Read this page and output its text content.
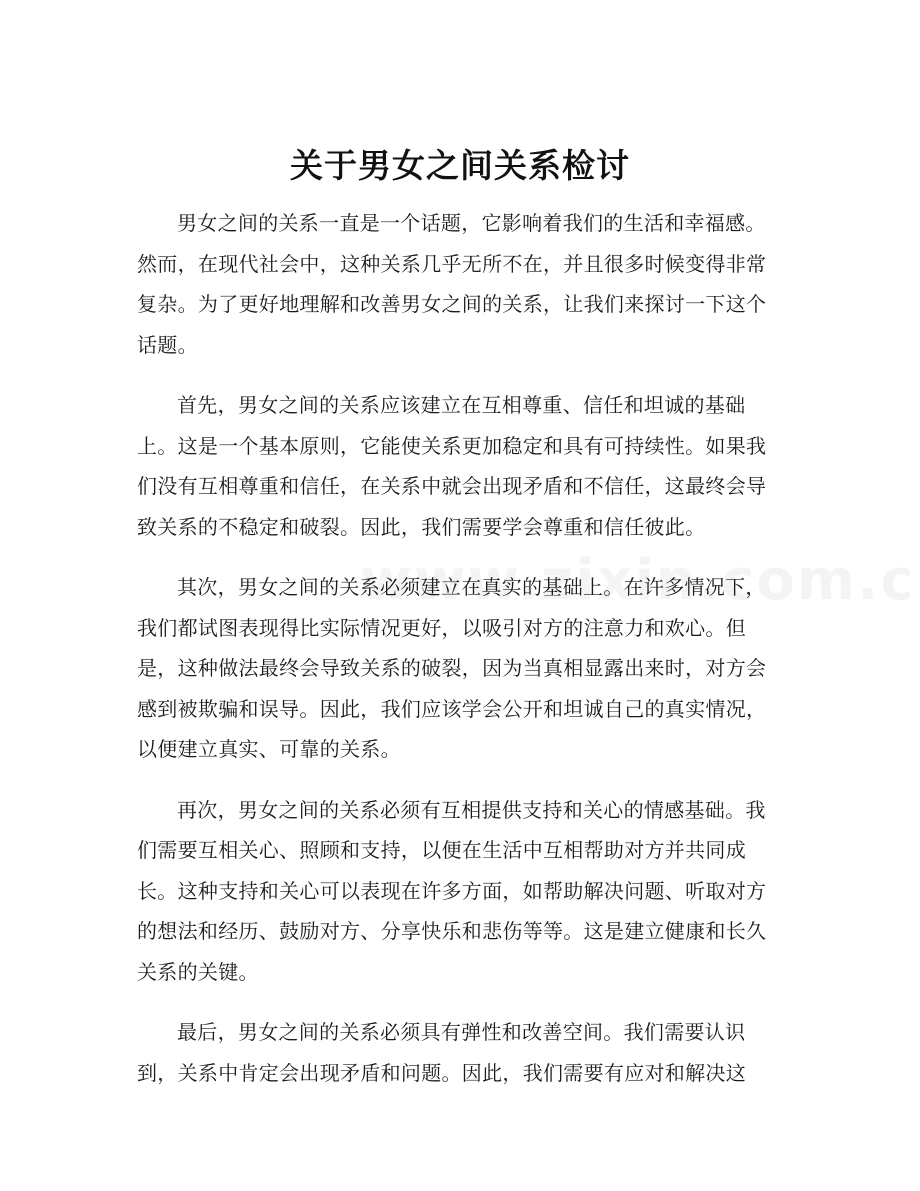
关于男女之间关系检讨

男女之间的关系一直是一个话题，它影响着我们的生活和幸福感。然而，在现代社会中，这种关系几乎无所不在，并且很多时候变得非常复杂。为了更好地理解和改善男女之间的关系，让我们来探讨一下这个话题。

首先，男女之间的关系应该建立在互相尊重、信任和坦诚的基础上。这是一个基本原则，它能使关系更加稳定和具有可持续性。如果我们没有互相尊重和信任，在关系中就会出现矛盾和不信任，这最终会导致关系的不稳定和破裂。因此，我们需要学会尊重和信任彼此。

其次，男女之间的关系必须建立在真实的基础上。在许多情况下，我们都试图表现得比实际情况更好，以吸引对方的注意力和欢心。但是，这种做法最终会导致关系的破裂，因为当真相显露出来时，对方会感到被欺骗和误导。因此，我们应该学会公开和坦诚自己的真实情况，以便建立真实、可靠的关系。

再次，男女之间的关系必须有互相提供支持和关心的情感基础。我们需要互相关心、照顾和支持，以便在生活中互相帮助对方并共同成长。这种支持和关心可以表现在许多方面，如帮助解决问题、听取对方的想法和经历、鼓励对方、分享快乐和悲伤等等。这是建立健康和长久关系的关键。

最后，男女之间的关系必须具有弹性和改善空间。我们需要认识到，关系中肯定会出现矛盾和问题。因此，我们需要有应对和解决这
